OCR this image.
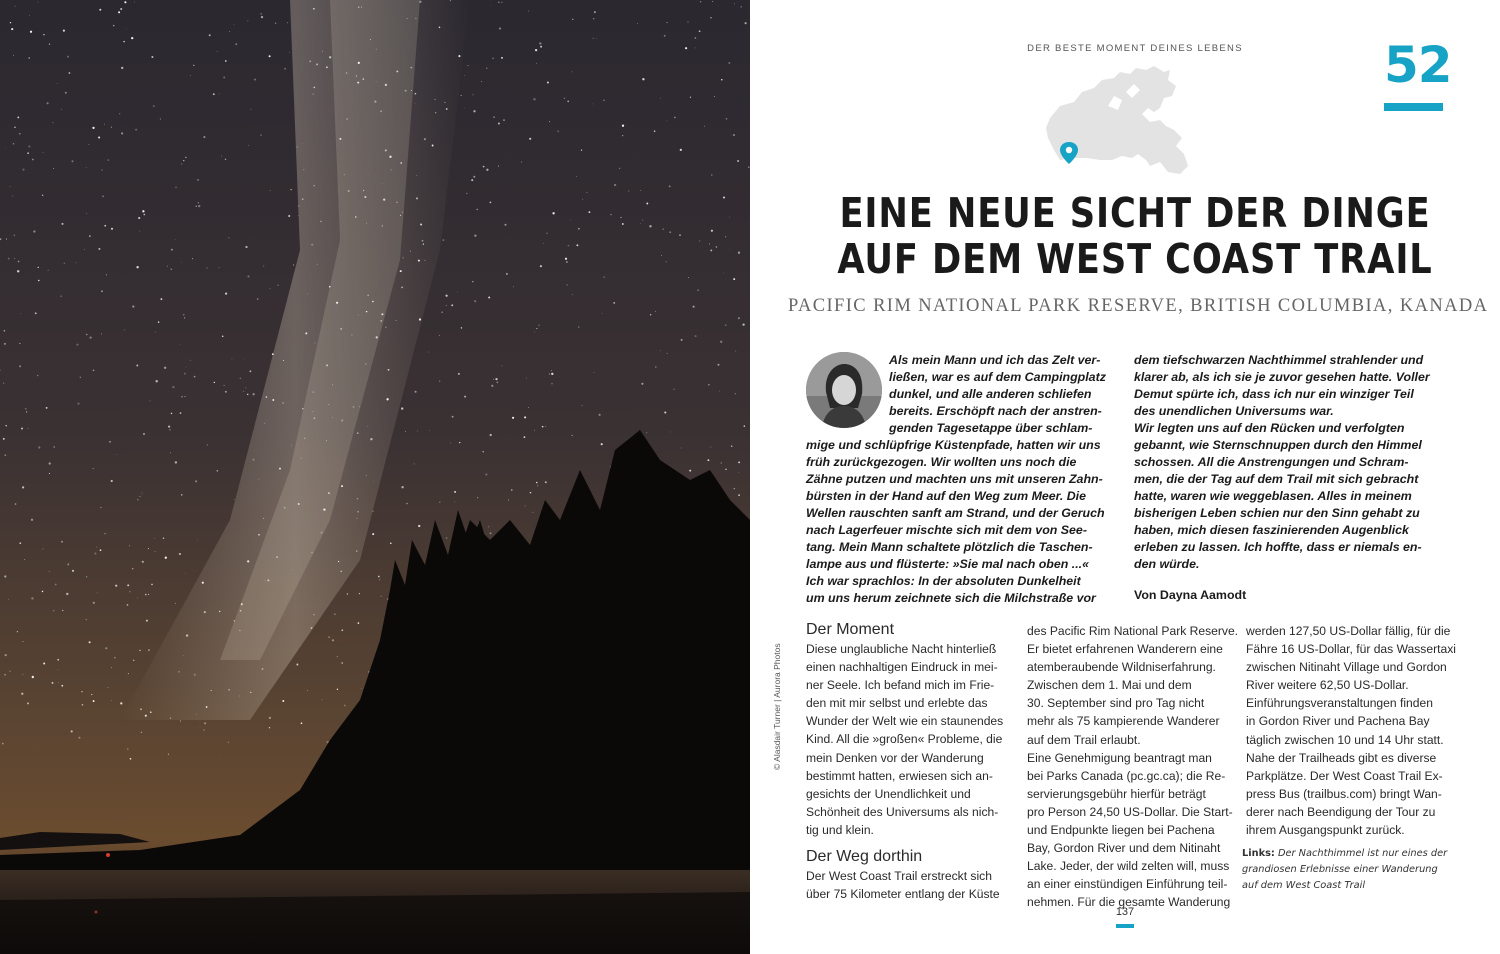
© Alasdair Turner | Aurora Photos
DER BESTE MOMENT DEINES LEBENS	52
EINE NEUE SICHT DER DINGE
AUF DEM WEST COAST TRAIL
PACIFIC RIM NATIONAL PARK RESERVE, BRITISH COLUMBIA, KANADA
Als mein Mann und ich das Zelt ver-
ließen, war es auf dem Campingplatz
dunkel, und alle anderen schliefen
bereits. Erschöpft nach der anstren-
genden Tagesetappe über schlam-
mige und schlüpfrige Küstenpfade, hatten wir uns
früh zurückgezogen. Wir wollten uns noch die
Zähne putzen und machten uns mit unseren Zahn-
bürsten in der Hand auf den Weg zum Meer. Die
Wellen rauschten sanft am Strand, und der Geruch
nach Lagerfeuer mischte sich mit dem von See-
tang. Mein Mann schaltete plötzlich die Taschen-
lampe aus und flüsterte: »Sie mal nach oben ...«
Ich war sprachlos: In der absoluten Dunkelheit
um uns herum zeichnete sich die Milchstraße vor
dem tiefschwarzen Nachthimmel strahlender und
klarer ab, als ich sie je zuvor gesehen hatte. Voller
Demut spürte ich, dass ich nur ein winziger Teil
des unendlichen Universums war.
Wir legten uns auf den Rücken und verfolgten
gebannt, wie Sternschnuppen durch den Himmel
schossen. All die Anstrengungen und Schram-
men, die der Tag auf dem Trail mit sich gebracht
hatte, waren wie weggeblasen. Alles in meinem
bisherigen Leben schien nur den Sinn gehabt zu
haben, mich diesen faszinierenden Augenblick
erleben zu lassen. Ich hoffte, dass er niemals en-
den würde.
Von Dayna Aamodt
Der Moment
Diese unglaubliche Nacht hinterließ
einen nachhaltigen Eindruck in mei-
ner Seele. Ich befand mich im Frie-
den mit mir selbst und erlebte das
Wunder der Welt wie ein staunendes
Kind. All die »großen« Probleme, die
mein Denken vor der Wanderung
bestimmt hatten, erwiesen sich an-
gesichts der Unendlichkeit und
Schönheit des Universums als nich-
tig und klein.
Der Weg dorthin
Der West Coast Trail erstreckt sich
über 75 Kilometer entlang der Küste
des Pacific Rim National Park Reserve.
Er bietet erfahrenen Wanderern eine
atemberaubende Wildniserfahrung.
Zwischen dem 1. Mai und dem
30. September sind pro Tag nicht
mehr als 75 kampierende Wanderer
auf dem Trail erlaubt.
Eine Genehmigung beantragt man
bei Parks Canada (pc.gc.ca); die Re-
servierungsgebühr hierfür beträgt
pro Person 24,50 US-Dollar. Die Start-
und Endpunkte liegen bei Pachena
Bay, Gordon River und dem Nitinaht
Lake. Jeder, der wild zelten will, muss
an einer einstündigen Einführung teil-
nehmen. Für die gesamte Wanderung
werden 127,50 US-Dollar fällig, für die
Fähre 16 US-Dollar, für das Wassertaxi
zwischen Nitinaht Village und Gordon
River weitere 62,50 US-Dollar.
Einführungsveranstaltungen finden
in Gordon River und Pachena Bay
täglich zwischen 10 und 14 Uhr statt.
Nahe der Trailheads gibt es diverse
Parkplätze. Der West Coast Trail Ex-
press Bus (trailbus.com) bringt Wan-
derer nach Beendigung der Tour zu
ihrem Ausgangspunkt zurück.
Links: Der Nachthimmel ist nur eines der
grandiosen Erlebnisse einer Wanderung
auf dem West Coast Trail
137
